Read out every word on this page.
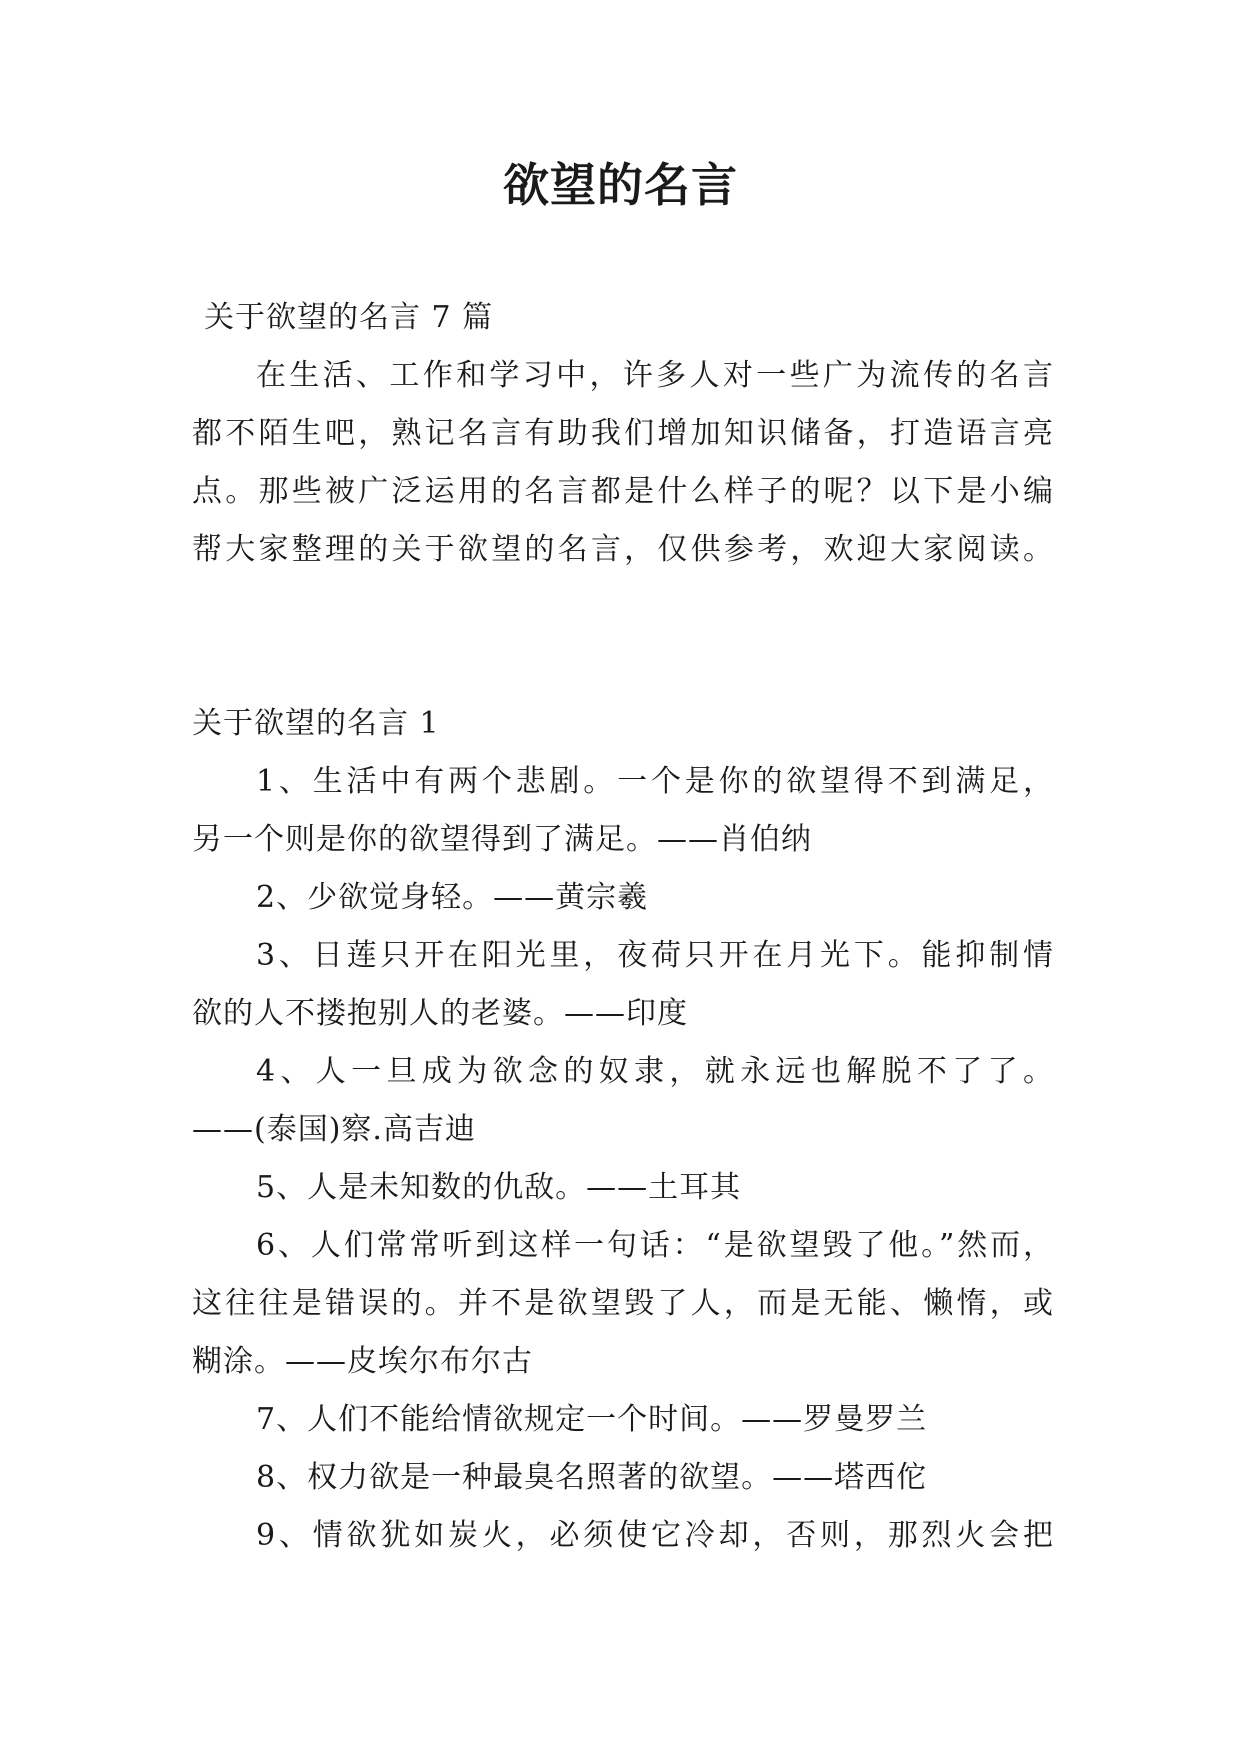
欲望的名言
关于欲望的名言 7 篇
在生活、工作和学习中，许多人对一些广为流传的名言
都不陌生吧，熟记名言有助我们增加知识储备，打造语言亮
点。那些被广泛运用的名言都是什么样子的呢？以下是小编
帮大家整理的关于欲望的名言，仅供参考，欢迎大家阅读。
关于欲望的名言 1
1、生活中有两个悲剧。一个是你的欲望得不到满足，
另一个则是你的欲望得到了满足。——肖伯纳
2、少欲觉身轻。——黄宗羲
3、日莲只开在阳光里，夜荷只开在月光下。能抑制情
欲的人不搂抱别人的老婆。——印度
4、人一旦成为欲念的奴隶，就永远也解脱不了了。
——(泰国)察.高吉迪
5、人是未知数的仇敌。——土耳其
6、人们常常听到这样一句话：“是欲望毁了他。”然而，
这往往是错误的。并不是欲望毁了人，而是无能、懒惰，或
糊涂。——皮埃尔布尔古
7、人们不能给情欲规定一个时间。——罗曼罗兰
8、权力欲是一种最臭名照著的欲望。——塔西佗
9、情欲犹如炭火，必须使它冷却，否则，那烈火会把
